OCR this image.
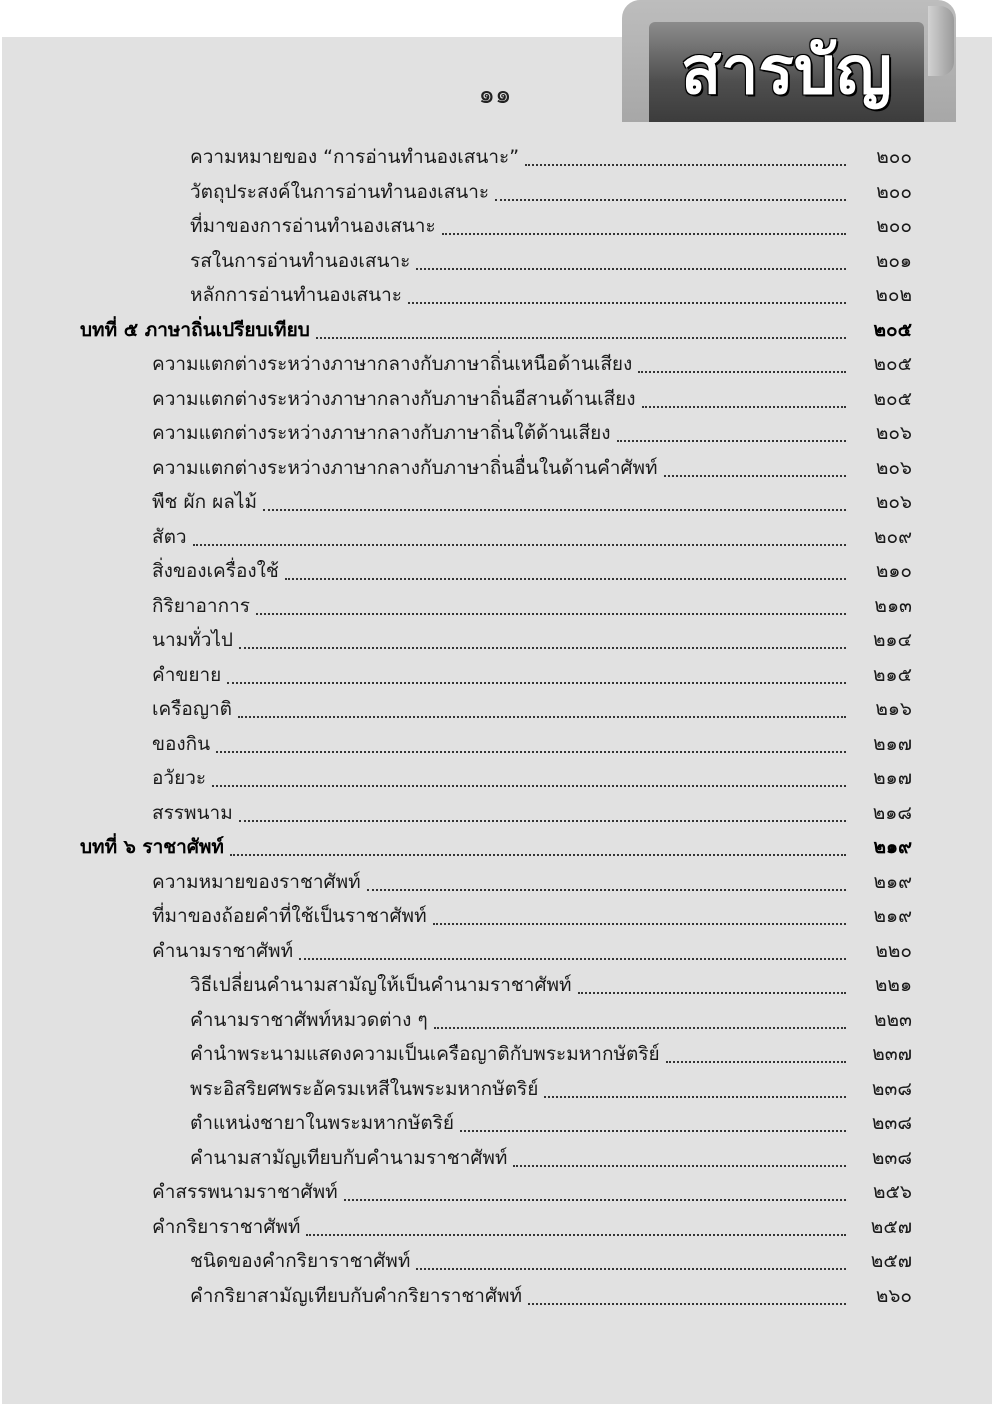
สารบัญ
๑๑
ความหมายของ “การอ่านทำนองเสนาะ”	๒๐๐
วัตถุประสงค์ในการอ่านทำนองเสนาะ	๒๐๐
ที่มาของการอ่านทำนองเสนาะ	๒๐๐
รสในการอ่านทำนองเสนาะ	๒๐๑
หลักการอ่านทำนองเสนาะ	๒๐๒
บทที่ ๕ ภาษาถิ่นเปรียบเทียบ	๒๐๕
ความแตกต่างระหว่างภาษากลางกับภาษาถิ่นเหนือด้านเสียง	๒๐๕
ความแตกต่างระหว่างภาษากลางกับภาษาถิ่นอีสานด้านเสียง	๒๐๕
ความแตกต่างระหว่างภาษากลางกับภาษาถิ่นใต้ด้านเสียง	๒๐๖
ความแตกต่างระหว่างภาษากลางกับภาษาถิ่นอื่นในด้านคำศัพท์	๒๐๖
พืช ผัก ผลไม้	๒๐๖
สัตว	๒๐๙
สิ่งของเครื่องใช้	๒๑๐
กิริยาอาการ	๒๑๓
นามทั่วไป	๒๑๔
คำขยาย	๒๑๕
เครือญาติ	๒๑๖
ของกิน	๒๑๗
อวัยวะ	๒๑๗
สรรพนาม	๒๑๘
บทที่ ๖ ราชาศัพท์	๒๑๙
ความหมายของราชาศัพท์	๒๑๙
ที่มาของถ้อยคำที่ใช้เป็นราชาศัพท์	๒๑๙
คำนามราชาศัพท์	๒๒๐
วิธีเปลี่ยนคำนามสามัญให้เป็นคำนามราชาศัพท์	๒๒๑
คำนามราชาศัพท์หมวดต่าง ๆ	๒๒๓
คำนำพระนามแสดงความเป็นเครือญาติกับพระมหากษัตริย์	๒๓๗
พระอิสริยศพระอัครมเหสีในพระมหากษัตริย์	๒๓๘
ตำแหน่งชายาในพระมหากษัตริย์	๒๓๘
คำนามสามัญเทียบกับคำนามราชาศัพท์	๒๓๘
คำสรรพนามราชาศัพท์	๒๕๖
คำกริยาราชาศัพท์	๒๕๗
ชนิดของคำกริยาราชาศัพท์	๒๕๗
คำกริยาสามัญเทียบกับคำกริยาราชาศัพท์	๒๖๐
